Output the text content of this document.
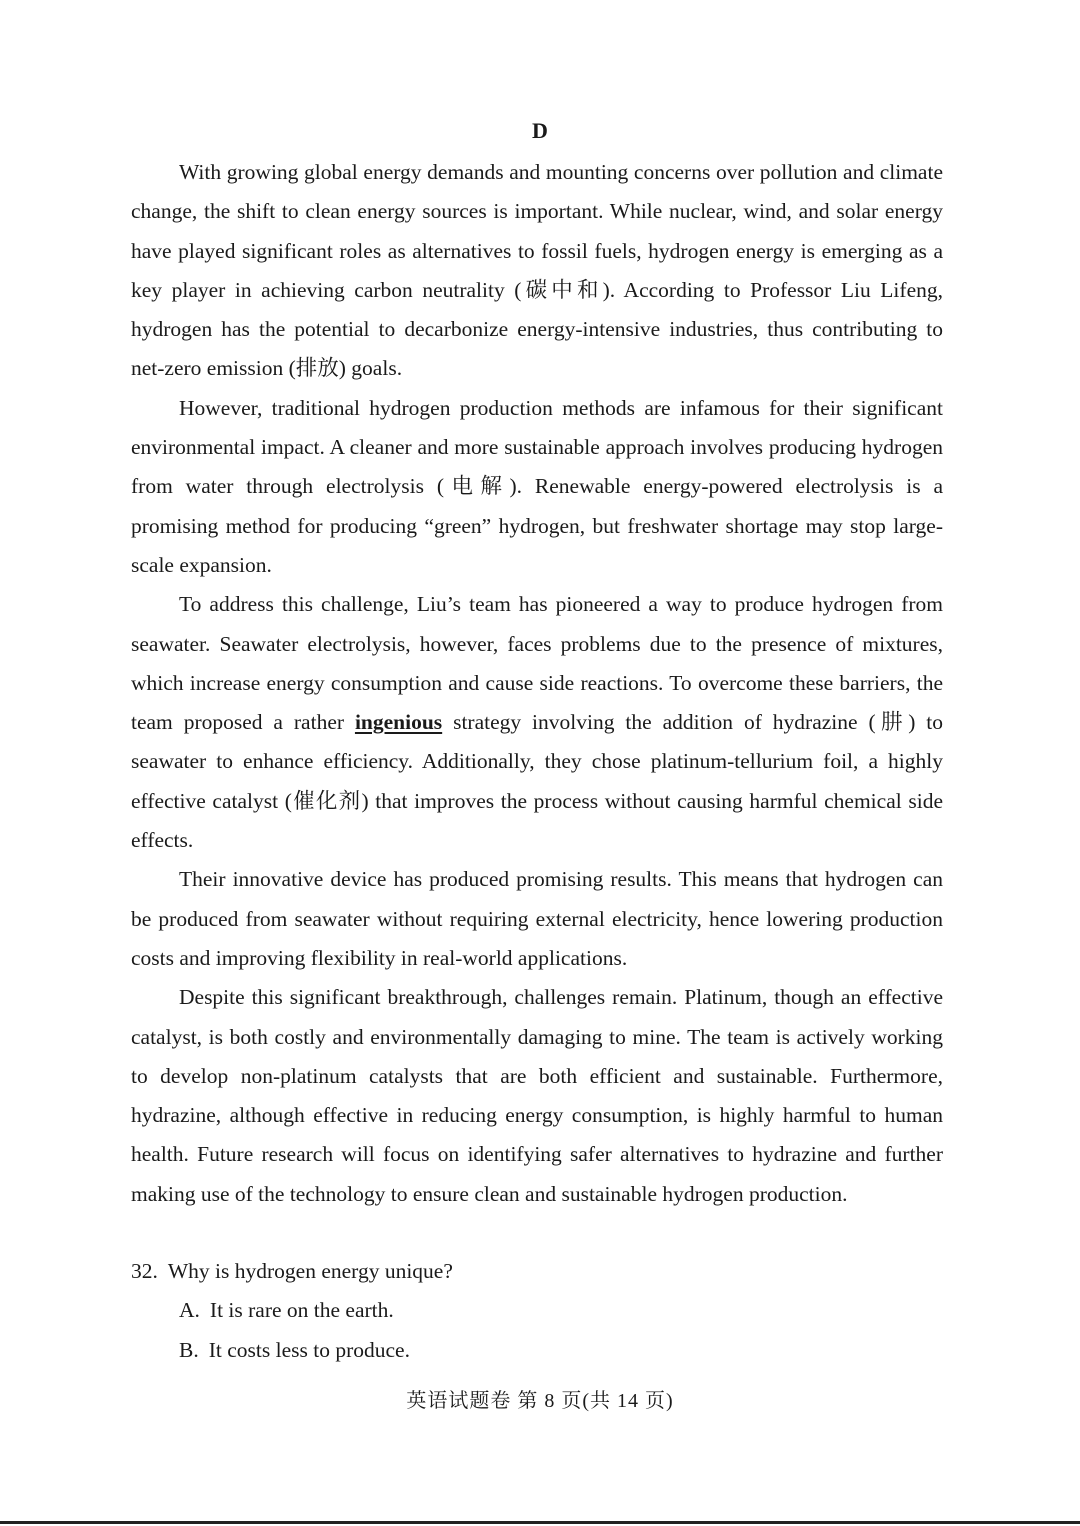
D

With growing global energy demands and mounting concerns over pollution and climate change, the shift to clean energy sources is important. While nuclear, wind, and solar energy have played significant roles as alternatives to fossil fuels, hydrogen energy is emerging as a key player in achieving carbon neutrality (碳中和). According to Professor Liu Lifeng, hydrogen has the potential to decarbonize energy-intensive industries, thus contributing to net-zero emission (排放) goals.

However, traditional hydrogen production methods are infamous for their significant environmental impact. A cleaner and more sustainable approach involves producing hydrogen from water through electrolysis (电解). Renewable energy-powered electrolysis is a promising method for producing “green” hydrogen, but freshwater shortage may stop large-scale expansion.

To address this challenge, Liu’s team has pioneered a way to produce hydrogen from seawater. Seawater electrolysis, however, faces problems due to the presence of mixtures, which increase energy consumption and cause side reactions. To overcome these barriers, the team proposed a rather ingenious strategy involving the addition of hydrazine (肼) to seawater to enhance efficiency. Additionally, they chose platinum-tellurium foil, a highly effective catalyst (催化剂) that improves the process without causing harmful chemical side effects.

Their innovative device has produced promising results. This means that hydrogen can be produced from seawater without requiring external electricity, hence lowering production costs and improving flexibility in real-world applications.

Despite this significant breakthrough, challenges remain. Platinum, though an effective catalyst, is both costly and environmentally damaging to mine. The team is actively working to develop non-platinum catalysts that are both efficient and sustainable. Furthermore, hydrazine, although effective in reducing energy consumption, is highly harmful to human health. Future research will focus on identifying safer alternatives to hydrazine and further making use of the technology to ensure clean and sustainable hydrogen production.

32. Why is hydrogen energy unique?

A. It is rare on the earth.

B. It costs less to produce.

英语试题卷 第 8 页(共 14 页)
